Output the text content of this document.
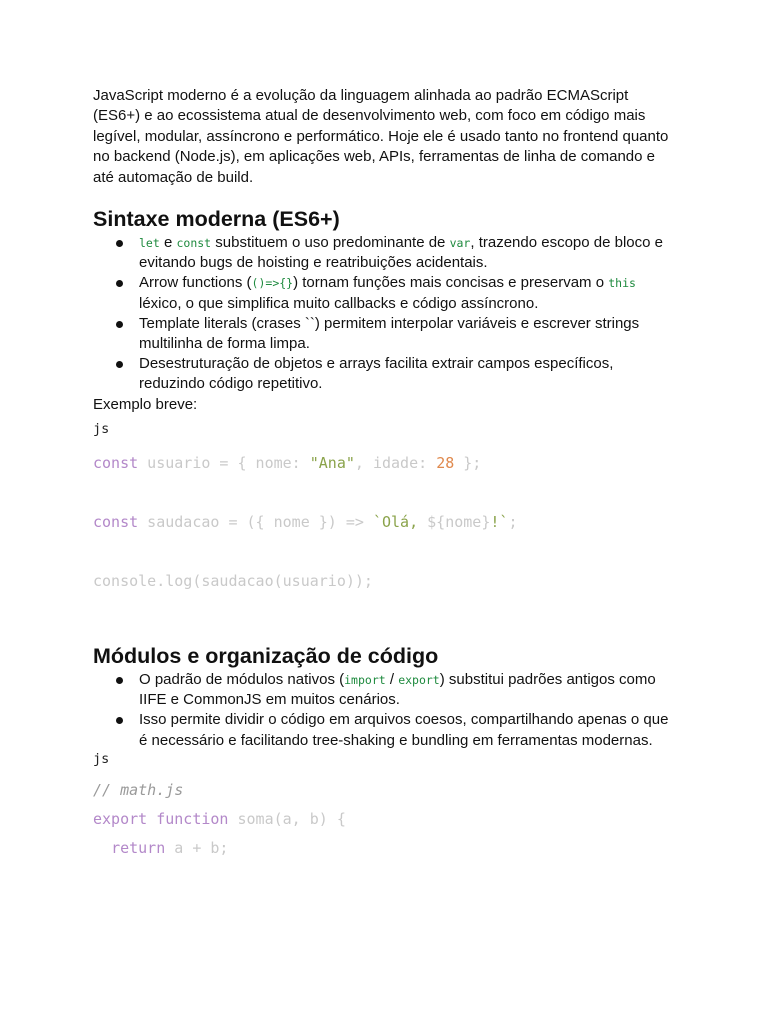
JavaScript moderno é a evolução da linguagem alinhada ao padrão ECMAScript (ES6+) e ao ecossistema atual de desenvolvimento web, com foco em código mais legível, modular, assíncrono e performático. Hoje ele é usado tanto no frontend quanto no backend (Node.js), em aplicações web, APIs, ferramentas de linha de comando e até automação de build.

Sintaxe moderna (ES6+)
let e const substituem o uso predominante de var, trazendo escopo de bloco e evitando bugs de hoisting e reatribuições acidentais.
Arrow functions (()=>{}) tornam funções mais concisas e preservam o this léxico, o que simplifica muito callbacks e código assíncrono.
Template literals (crases ``) permitem interpolar variáveis e escrever strings multilinha de forma limpa.
Desestruturação de objetos e arrays facilita extrair campos específicos, reduzindo código repetitivo.

Exemplo breve:

js
const usuario = { nome: "Ana", idade: 28 };
const saudacao = ({ nome }) => `Olá, ${nome}!`;
console.log(saudacao(usuario));
Módulos e organização de código
O padrão de módulos nativos (import / export) substitui padrões antigos como IIFE e CommonJS em muitos cenários.
Isso permite dividir o código em arquivos coesos, compartilhando apenas o que é necessário e facilitando tree-shaking e bundling em ferramentas modernas.
js
// math.js
export function soma(a, b) {
return a + b;
